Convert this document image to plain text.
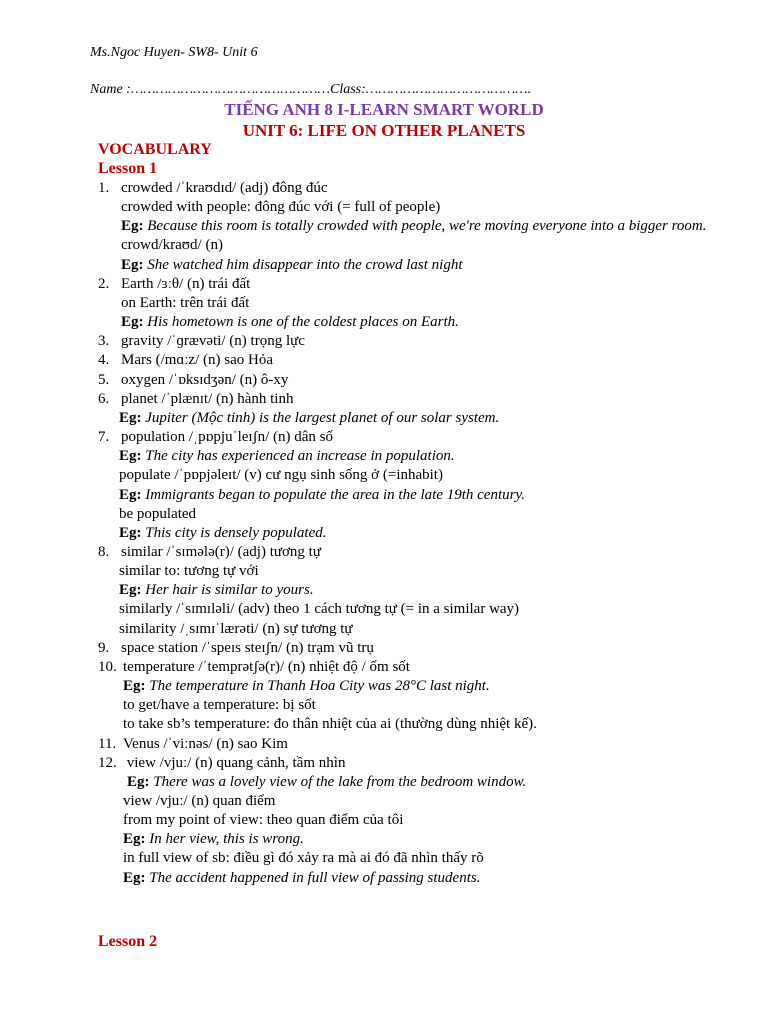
Ms.Ngoc Huyen- SW8- Unit 6
Name :…………………………………………Class:………………………………….
TIẾNG ANH 8 I-LEARN SMART WORLD
UNIT 6: LIFE ON OTHER PLANETS
VOCABULARY
Lesson 1
1. crowded /ˈkraʊdɪd/ (adj) đông đúc
crowded with people: đông đúc với (= full of people)
Eg: Because this room is totally crowded with people, we're moving everyone into a bigger room.
crowd/kraʊd/ (n)
Eg: She watched him disappear into the crowd last night
2. Earth /ɜːθ/ (n) trái đất
on Earth: trên trái đất
Eg: His hometown is one of the coldest places on Earth.
3. gravity /ˈɡrævəti/ (n) trọng lực
4. Mars (/mɑːz/ (n) sao Hỏa
5. oxygen /ˈɒksɪdʒən/ (n) ô-xy
6. planet /ˈplænɪt/ (n) hành tinh
Eg: Jupiter (Mộc tinh) is the largest planet of our solar system.
7. population /ˌpɒpjuˈleɪʃn/ (n) dân số
Eg: The city has experienced an increase in population.
populate /ˈpɒpjəleɪt/ (v) cư ngụ sinh sống ở (=inhabit)
Eg: Immigrants began to populate the area in the late 19th century.
be populated
Eg: This city is densely populated.
8. similar /ˈsɪmələ(r)/ (adj) tương tự
similar to: tương tự với
Eg: Her hair is similar to yours.
similarly /ˈsɪmɪləli/ (adv) theo 1 cách tương tự (= in a similar way)
similarity /ˌsɪmɪˈlærəti/ (n) sự tương tự
9. space station /ˈspeɪs steɪʃn/ (n) trạm vũ trụ
10. temperature /ˈtemprətʃə(r)/ (n) nhiệt độ / ốm sốt
Eg: The temperature in Thanh Hoa City was 28°C last night.
to get/have a temperature: bị sốt
to take sb’s temperature: đo thân nhiệt của ai (thường dùng nhiệt kế).
11. Venus /ˈviːnəs/ (n) sao Kim
12. view /vjuː/ (n) quang cảnh, tầm nhìn
Eg: There was a lovely view of the lake from the bedroom window.
view /vjuː/ (n) quan điểm
from my point of view: theo quan điểm của tôi
Eg: In her view, this is wrong.
in full view of sb: điều gì đó xảy ra mà ai đó đã nhìn thấy rõ
Eg: The accident happened in full view of passing students.
Lesson 2
